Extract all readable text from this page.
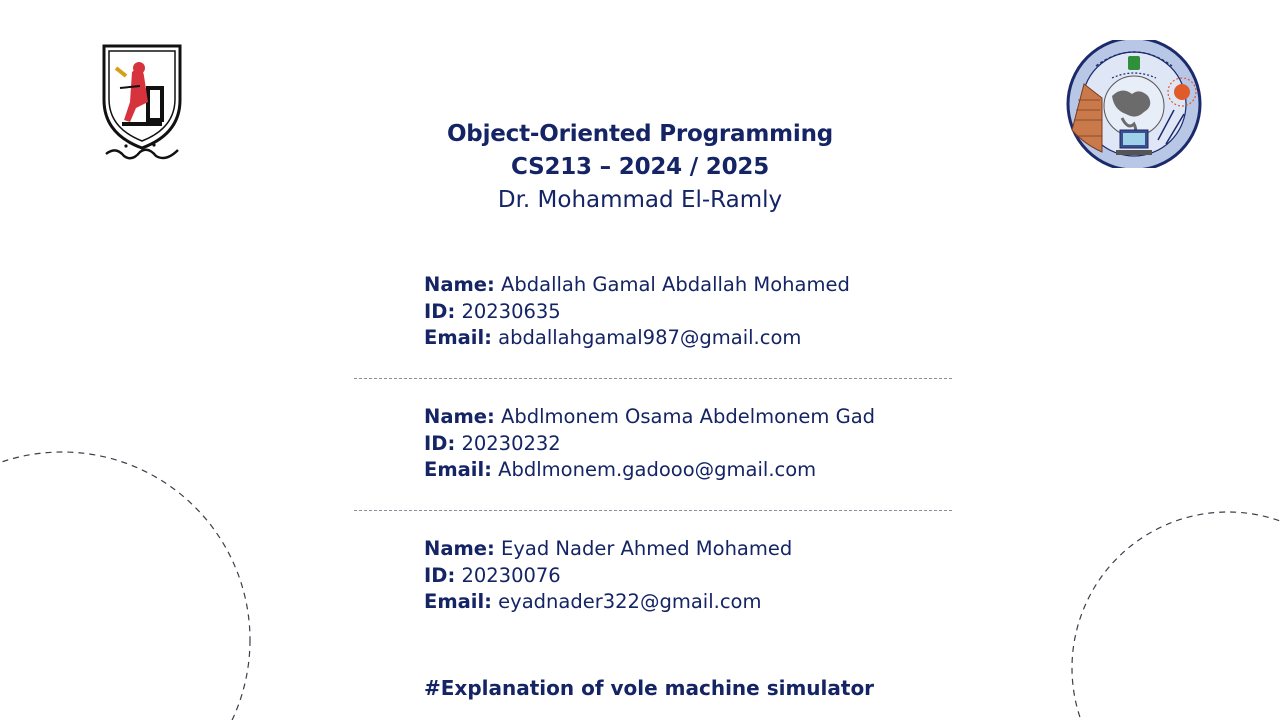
Object-Oriented Programming
CS213 – 2024 / 2025
Dr. Mohammad El-Ramly
Name: Abdallah Gamal Abdallah Mohamed
ID: 20230635
Email: abdallahgamal987@gmail.com
Name: Abdlmonem Osama Abdelmonem Gad
ID: 20230232
Email: Abdlmonem.gadooo@gmail.com
Name: Eyad Nader Ahmed Mohamed
ID: 20230076
Email: eyadnader322@gmail.com
#Explanation of vole machine simulator
